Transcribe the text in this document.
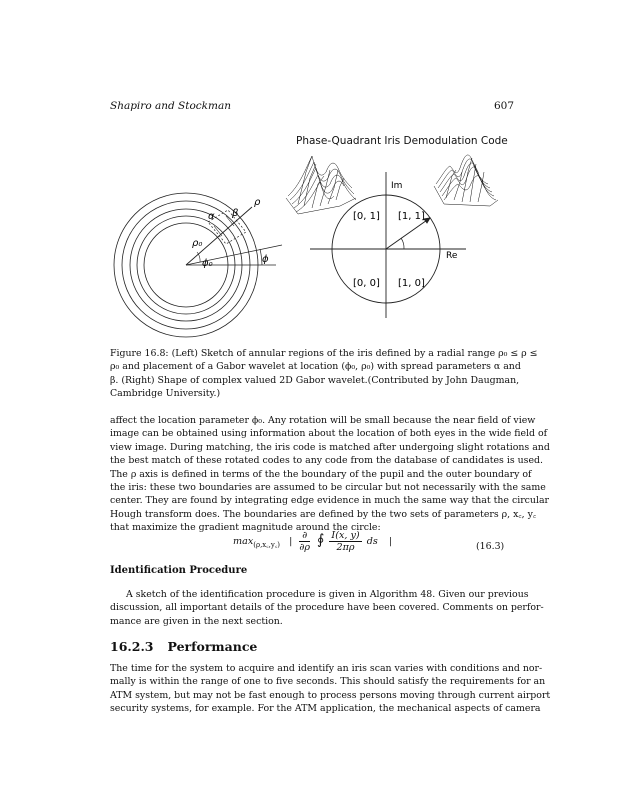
Shapiro and Stockman	607
Phase-Quadrant Iris Demodulation Code
α β
ρ
ρ₀
ϕ₀	ϕ
Im
Re
[0, 1] [1, 1]
[0, 0] [1, 0]
Figure 16.8: (Left) Sketch of annular regions of the iris defined by a radial range ρ₀ ≤ ρ ≤
ρ₀ and placement of a Gabor wavelet at location (ϕ₀, ρ₀) with spread parameters α and
β. (Right) Shape of complex valued 2D Gabor wavelet.(Contributed by John Daugman,
Cambridge University.)
affect the location parameter ϕ₀. Any rotation will be small because the near field of view
image can be obtained using information about the location of both eyes in the wide field of
view image. During matching, the iris code is matched after undergoing slight rotations and
the best match of these rotated codes to any code from the database of candidates is used.
The ρ axis is defined in terms of the the boundary of the pupil and the outer boundary of
the iris: these two boundaries are assumed to be circular but not necessarily with the same
center. They are found by integrating edge evidence in much the same way that the circular
Hough transform does. The boundaries are defined by the two sets of parameters ρ, x꜀, y꜀
that maximize the gradient magnitude around the circle:
$\max_{(\rho,x꜀,y꜀)}$ |
∂
∂ρ ∮ $\frac{I(x, y)}{2\pi\rho}$ ds |	(16.3)
Identification Procedure
A sketch of the identification procedure is given in Algorithm 48. Given our previous
discussion, all important details of the procedure have been covered. Comments on perfor-
mance are given in the next section.
16.2.3 Performance
The time for the system to acquire and identify an iris scan varies with conditions and nor-
mally is within the range of one to five seconds. This should satisfy the requirements for an
ATM system, but may not be fast enough to process persons moving through current airport
security systems, for example. For the ATM application, the mechanical aspects of camera
